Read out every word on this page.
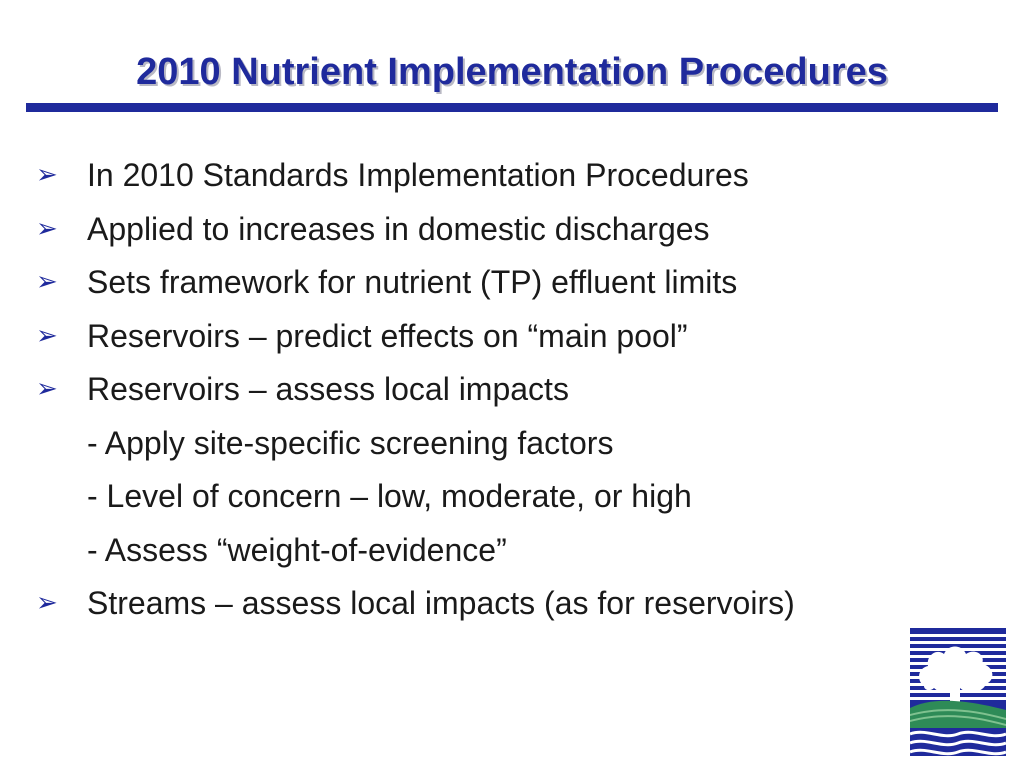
2010 Nutrient Implementation Procedures
➢ In 2010 Standards Implementation Procedures
➢ Applied to increases in domestic discharges
➢ Sets framework for nutrient (TP) effluent limits
➢ Reservoirs – predict effects on “main pool”
➢ Reservoirs – assess local impacts
- Apply site-specific screening factors
- Level of concern – low, moderate, or high
- Assess “weight-of-evidence”
➢ Streams – assess local impacts (as for reservoirs)
